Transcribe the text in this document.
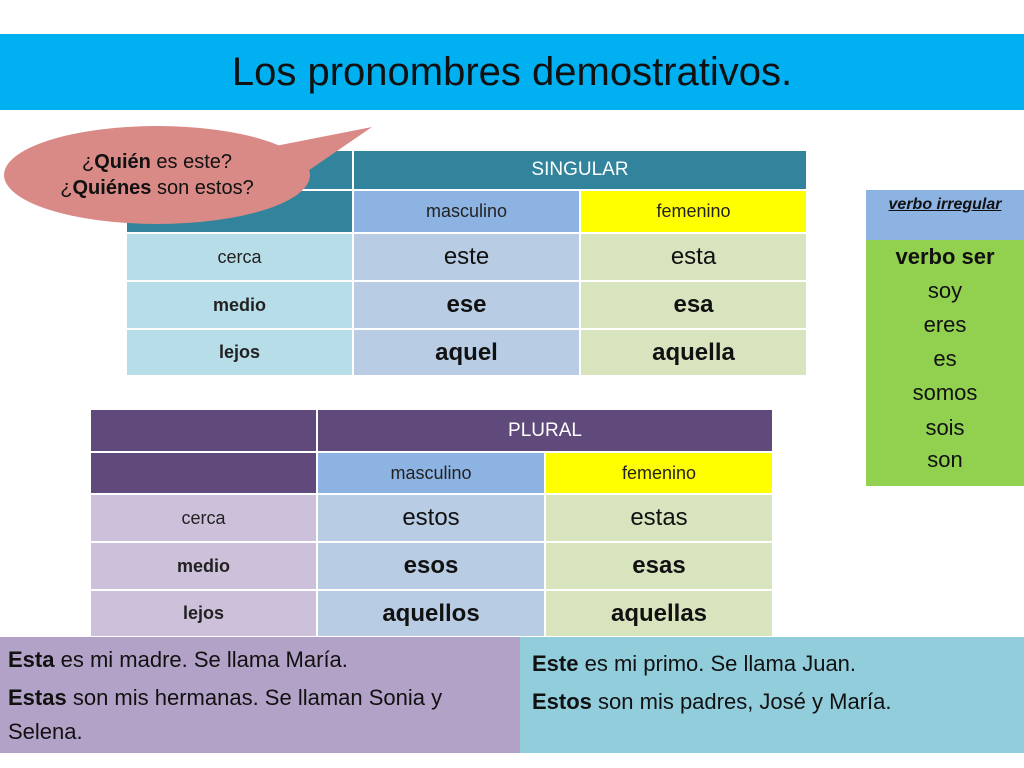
Los pronombres demostrativos.
¿Quién es este?
¿Quiénes son estos?
SINGULAR
masculino	femenino
cerca	este	esta
medio	ese	esa
lejos	aquel	aquella
PLURAL
masculino	femenino
cerca	estos	estas
medio	esos	esas
lejos	aquellos	aquellas
verbo irregular
verbo ser
soy
eres
es
somos
sois
son

Esta es mi madre. Se llama María.

Estas son mis hermanas. Se llaman Sonia y Selena.

Este es mi primo. Se llama Juan.

Estos son mis padres, José y María.
